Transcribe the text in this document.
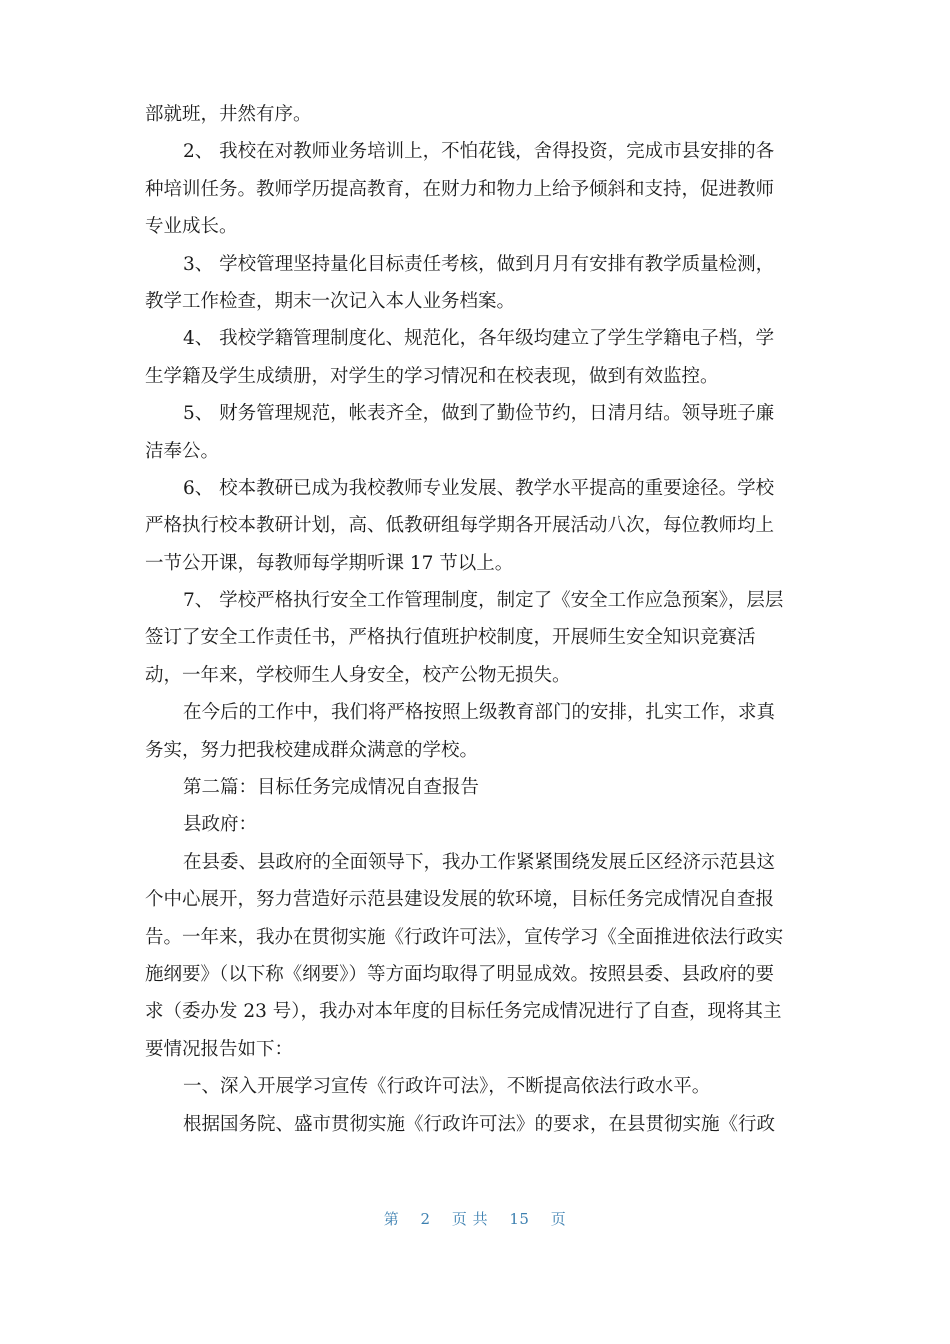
部就班，井然有序。
2、 我校在对教师业务培训上，不怕花钱，舍得投资，完成市县安排的各
种培训任务。教师学历提高教育，在财力和物力上给予倾斜和支持，促进教师
专业成长。
3、 学校管理坚持量化目标责任考核，做到月月有安排有教学质量检测，
教学工作检查，期末一次记入本人业务档案。
4、 我校学籍管理制度化、规范化，各年级均建立了学生学籍电子档，学
生学籍及学生成绩册，对学生的学习情况和在校表现，做到有效监控。
5、 财务管理规范，帐表齐全，做到了勤俭节约，日清月结。领导班子廉
洁奉公。
6、 校本教研已成为我校教师专业发展、教学水平提高的重要途径。学校
严格执行校本教研计划，高、低教研组每学期各开展活动八次，每位教师均上
一节公开课，每教师每学期听课 17 节以上。
7、 学校严格执行安全工作管理制度，制定了《安全工作应急预案》，层层
签订了安全工作责任书，严格执行值班护校制度，开展师生安全知识竞赛活
动，一年来，学校师生人身安全，校产公物无损失。
在今后的工作中，我们将严格按照上级教育部门的安排，扎实工作，求真
务实，努力把我校建成群众满意的学校。
第二篇：目标任务完成情况自查报告
县政府：
在县委、县政府的全面领导下，我办工作紧紧围绕发展丘区经济示范县这
个中心展开，努力营造好示范县建设发展的软环境，目标任务完成情况自查报
告。一年来，我办在贯彻实施《行政许可法》，宣传学习《全面推进依法行政实
施纲要》（以下称《纲要》）等方面均取得了明显成效。按照县委、县政府的要
求（委办发 23 号），我办对本年度的目标任务完成情况进行了自查，现将其主
要情况报告如下：
一、深入开展学习宣传《行政许可法》，不断提高依法行政水平。
根据国务院、盛市贯彻实施《行政许可法》的要求，在县贯彻实施《行政
第 2 页 共 15 页
